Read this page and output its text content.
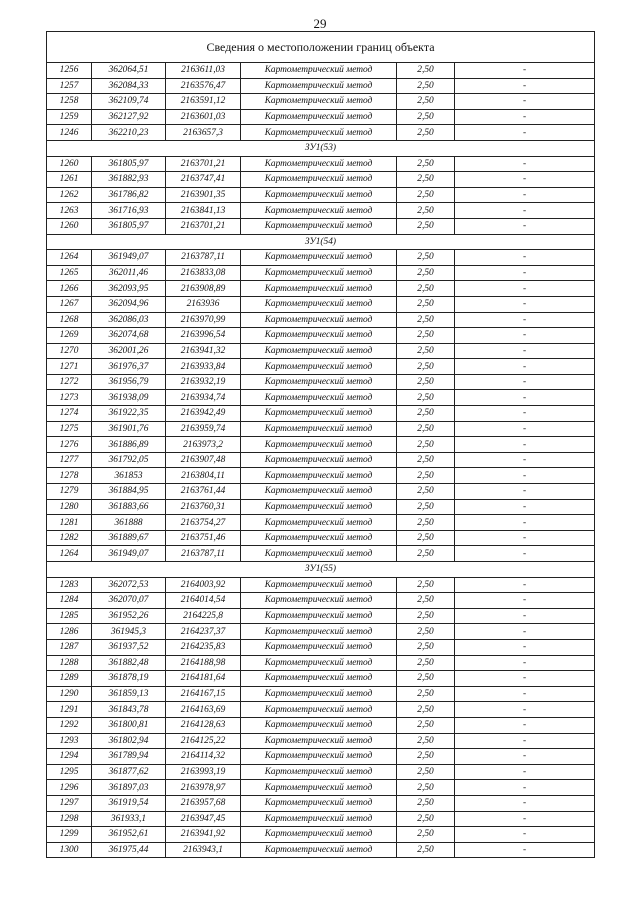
29
Сведения о местоположении границ объекта					
1256	362064,51	2163611,03	Картометрический метод	2,50	-
1257	362084,33	2163576,47	Картометрический метод	2,50	-
1258	362109,74	2163591,12	Картометрический метод	2,50	-
1259	362127,92	2163601,03	Картометрический метод	2,50	-
1246	362210,23	2163657,3	Картометрический метод	2,50	-
ЗУ1(53)					
1260	361805,97	2163701,21	Картометрический метод	2,50	-
1261	361882,93	2163747,41	Картометрический метод	2,50	-
1262	361786,82	2163901,35	Картометрический метод	2,50	-
1263	361716,93	2163841,13	Картометрический метод	2,50	-
1260	361805,97	2163701,21	Картометрический метод	2,50	-
ЗУ1(54)					
1264	361949,07	2163787,11	Картометрический метод	2,50	-
1265	362011,46	2163833,08	Картометрический метод	2,50	-
1266	362093,95	2163908,89	Картометрический метод	2,50	-
1267	362094,96	2163936	Картометрический метод	2,50	-
1268	362086,03	2163970,99	Картометрический метод	2,50	-
1269	362074,68	2163996,54	Картометрический метод	2,50	-
1270	362001,26	2163941,32	Картометрический метод	2,50	-
1271	361976,37	2163933,84	Картометрический метод	2,50	-
1272	361956,79	2163932,19	Картометрический метод	2,50	-
1273	361938,09	2163934,74	Картометрический метод	2,50	-
1274	361922,35	2163942,49	Картометрический метод	2,50	-
1275	361901,76	2163959,74	Картометрический метод	2,50	-
1276	361886,89	2163973,2	Картометрический метод	2,50	-
1277	361792,05	2163907,48	Картометрический метод	2,50	-
1278	361853	2163804,11	Картометрический метод	2,50	-
1279	361884,95	2163761,44	Картометрический метод	2,50	-
1280	361883,66	2163760,31	Картометрический метод	2,50	-
1281	361888	2163754,27	Картометрический метод	2,50	-
1282	361889,67	2163751,46	Картометрический метод	2,50	-
1264	361949,07	2163787,11	Картометрический метод	2,50	-
ЗУ1(55)					
1283	362072,53	2164003,92	Картометрический метод	2,50	-
1284	362070,07	2164014,54	Картометрический метод	2,50	-
1285	361952,26	2164225,8	Картометрический метод	2,50	-
1286	361945,3	2164237,37	Картометрический метод	2,50	-
1287	361937,52	2164235,83	Картометрический метод	2,50	-
1288	361882,48	2164188,98	Картометрический метод	2,50	-
1289	361878,19	2164181,64	Картометрический метод	2,50	-
1290	361859,13	2164167,15	Картометрический метод	2,50	-
1291	361843,78	2164163,69	Картометрический метод	2,50	-
1292	361800,81	2164128,63	Картометрический метод	2,50	-
1293	361802,94	2164125,22	Картометрический метод	2,50	-
1294	361789,94	2164114,32	Картометрический метод	2,50	-
1295	361877,62	2163993,19	Картометрический метод	2,50	-
1296	361897,03	2163978,97	Картометрический метод	2,50	-
1297	361919,54	2163957,68	Картометрический метод	2,50	-
1298	361933,1	2163947,45	Картометрический метод	2,50	-
1299	361952,61	2163941,92	Картометрический метод	2,50	-
1300	361975,44	2163943,1	Картометрический метод	2,50	-
